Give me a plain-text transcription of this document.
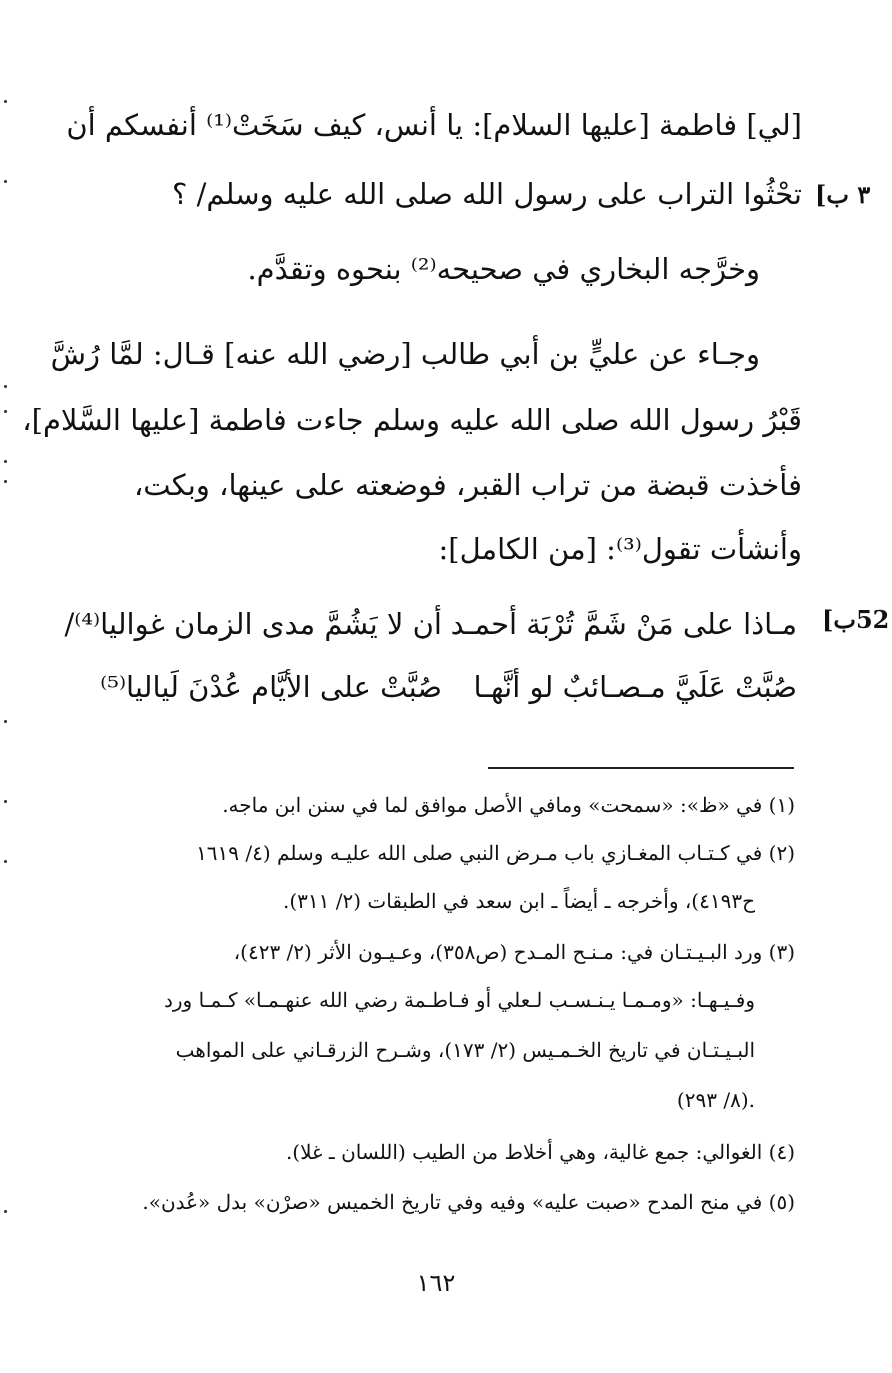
٣ ب]
52ب]
[لي] فاطمة [عليها السلام]: يا أنس، كيف سَخَتْ⁽¹⁾ أنفسكم أن
تحْثُوا التراب على رسول الله صلى الله عليه وسلم/ ؟
وخرَّجه البخاري في صحيحه⁽²⁾ بنحوه وتقدَّم.
وجـاء عن عليٍّ بن أبي طالب [رضي الله عنه] قـال: لمَّا رُشَّ
قَبْرُ رسول الله صلى الله عليه وسلم جاءت فاطمة [عليها السَّلام]،
فأخذت قبضة من تراب القبر، فوضعته على عينها، وبكت،
وأنشأت تقول⁽³⁾: [من الكامل]:
مـاذا على مَنْ شَمَّ تُرْبَة أحمـد
أن لا يَشُمَّ مدى الزمان غواليا⁽⁴⁾/
صُبَّتْ عَلَيَّ مـصـائبٌ لو أنَّهـا
صُبَّتْ على الأيَّام عُدْنَ لَياليا⁽⁵⁾
(١) في «ظ»: «سمحت» ومافي الأصل موافق لما في سنن ابن ماجه.
(٢) في كـتـاب المغـازي باب مـرض النبي صلى الله عليـه وسلم (٤/ ١٦١٩
ح٤١٩٣)، وأخرجه ـ أيضاً ـ ابن سعد في الطبقات (٢/ ٣١١).
(٣) ورد البـيـتـان في: مـنـح المـدح (ص٣٥٨)، وعـيـون الأثر (٢/ ٤٢٣)،
وفـيـهـا: «ومـمـا يـنـسـب لـعلي أو فـاطـمة رضي الله عنهـمـا» كـمـا ورد
البـيـتـان في تاريخ الخـمـيس (٢/ ١٧٣)، وشـرح الزرقـاني على المواهب
(٨/ ٢٩٣).
(٤) الغوالي: جمع غالية، وهي أخلاط من الطيب (اللسان ـ غلا).
(٥) في منح المدح «صبت عليه» وفيه وفي تاريخ الخميس «صرْن» بدل «عُدن».
١٦٢
